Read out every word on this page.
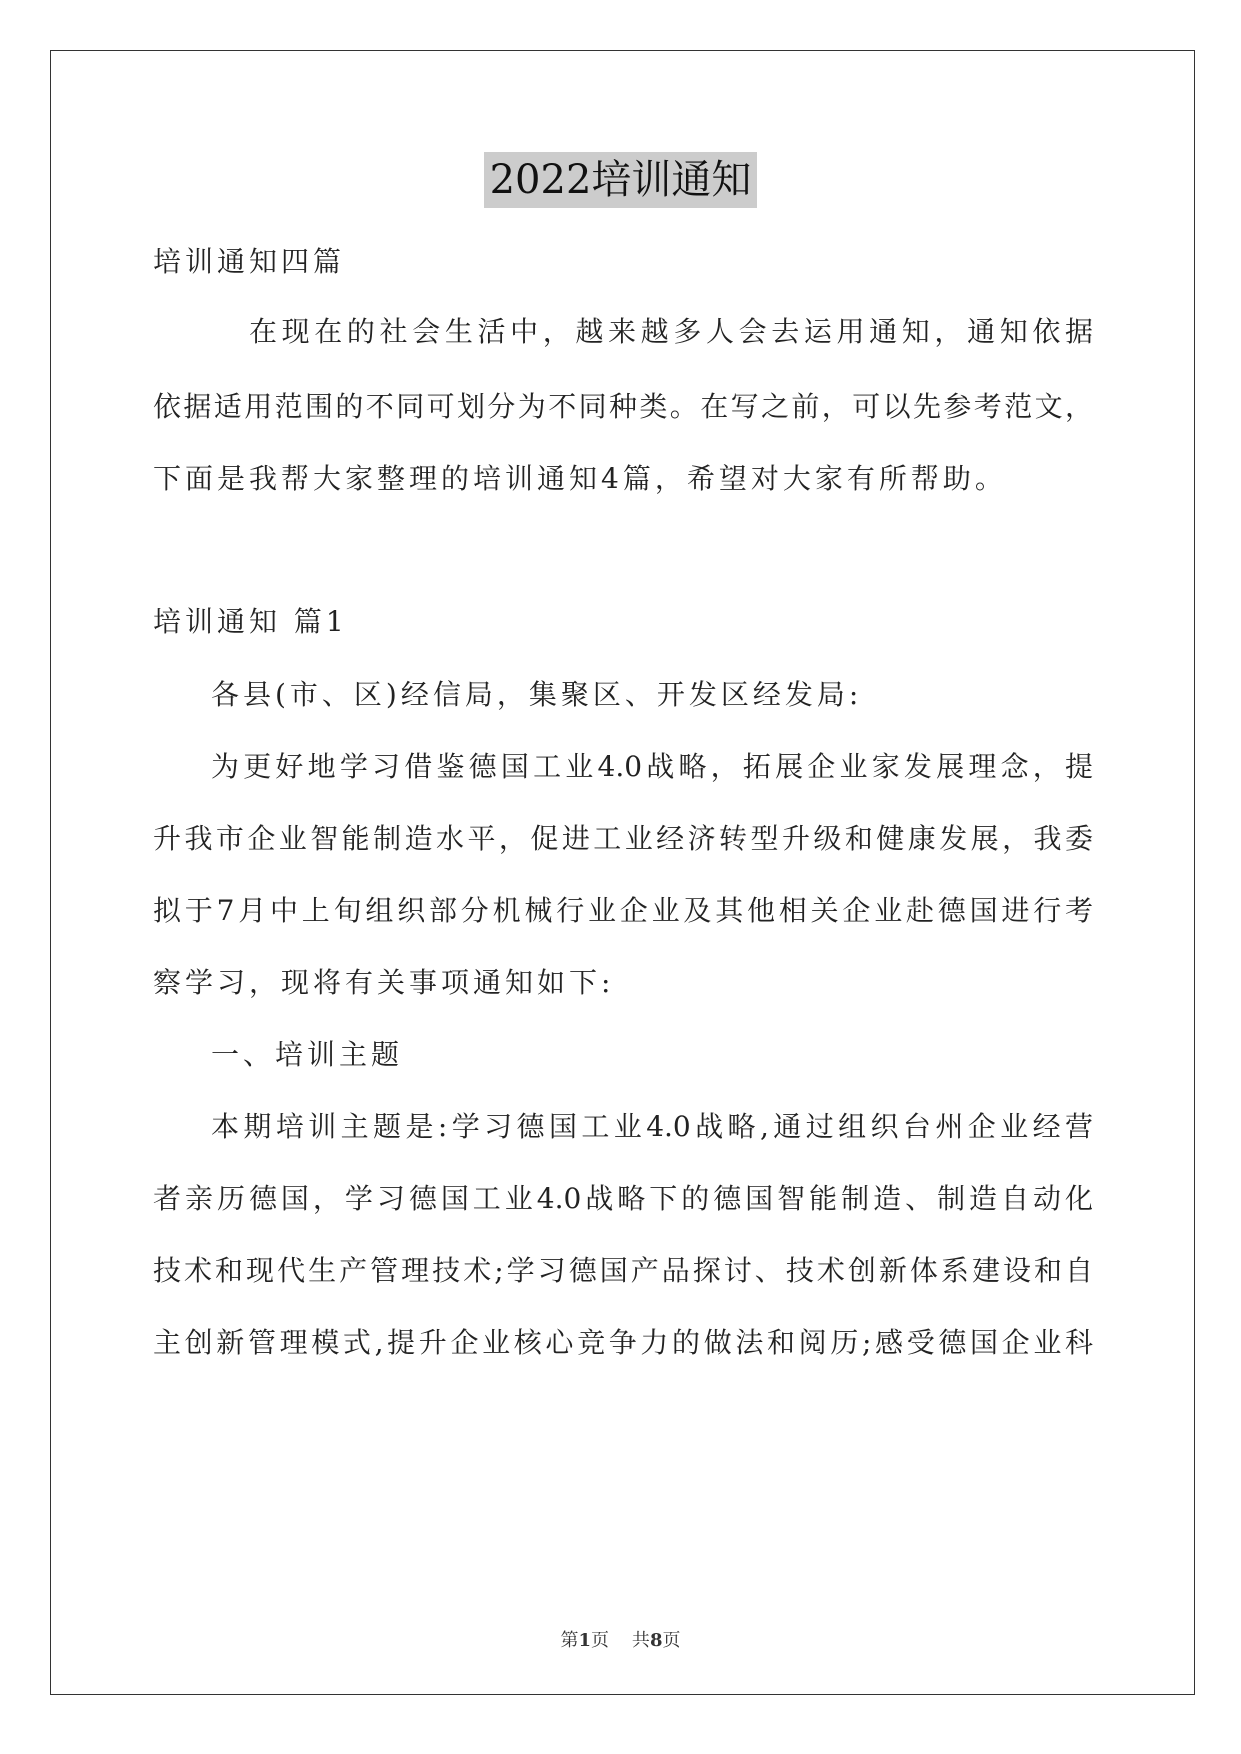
2022培训通知
培训通知四篇
在现在的社会生活中，越来越多人会去运用通知，通知依据
依据适用范围的不同可划分为不同种类。在写之前，可以先参考范文，
下面是我帮大家整理的培训通知4篇，希望对大家有所帮助。
培训通知 篇1
各县(市、区)经信局，集聚区、开发区经发局:
为更好地学习借鉴德国工业4.0战略，拓展企业家发展理念，提
升我市企业智能制造水平，促进工业经济转型升级和健康发展，我委
拟于7月中上旬组织部分机械行业企业及其他相关企业赴德国进行考
察学习，现将有关事项通知如下:
一、培训主题
本期培训主题是:学习德国工业4.0战略,通过组织台州企业经营
者亲历德国，学习德国工业4.0战略下的德国智能制造、制造自动化
技术和现代生产管理技术;学习德国产品探讨、技术创新体系建设和自
主创新管理模式,提升企业核心竞争力的做法和阅历;感受德国企业科
第1页    共8页
